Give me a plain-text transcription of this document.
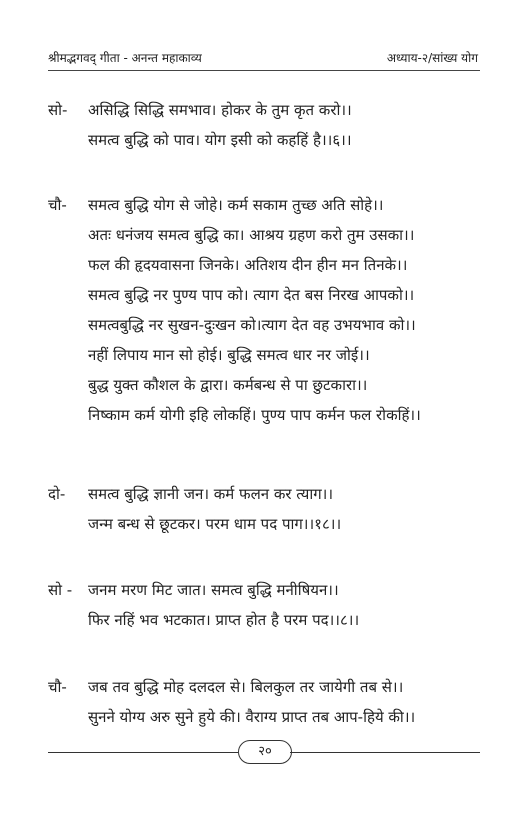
श्रीमद्भगवद् गीता - अनन्त महाकाव्य	अध्याय-२/सांख्य योग
सो- असिद्धि सिद्धि समभाव। होकर के तुम कृत करो।।
समत्व बुद्धि को पाव। योग इसी को कहहिं है।।६।।
चौ- समत्व बुद्धि योग से जोहे। कर्म सकाम तुच्छ अति सोहे।।
अतः धनंजय समत्व बुद्धि का। आश्रय ग्रहण करो तुम उसका।।
फल की हृदयवासना जिनके। अतिशय दीन हीन मन तिनके।।
समत्व बुद्धि नर पुण्य पाप को। त्याग देत बस निरख आपको।।
समत्वबुद्धि नर सुखन-दुःखन को।त्याग देत वह उभयभाव को।।
नहीं लिपाय मान सो होई। बुद्धि समत्व धार नर जोई।।
बुद्ध युक्त कौशल के द्वारा। कर्मबन्ध से पा छुटकारा।।
निष्काम कर्म योगी इहि लोकहिं। पुण्य पाप कर्मन फल रोकहिं।।
दो- समत्व बुद्धि ज्ञानी जन। कर्म फलन कर त्याग।।
जन्म बन्ध से छूटकर। परम धाम पद पाग।।१८।।
सो - जनम मरण मिट जात। समत्व बुद्धि मनीषियन।।
फिर नहिं भव भटकात। प्राप्त होत है परम पद।।८।।
चौ- जब तव बुद्धि मोह दलदल से। बिलकुल तर जायेगी तब से।।
सुनने योग्य अरु सुने हुये की। वैराग्य प्राप्त तब आप-हिये की।।
२०
